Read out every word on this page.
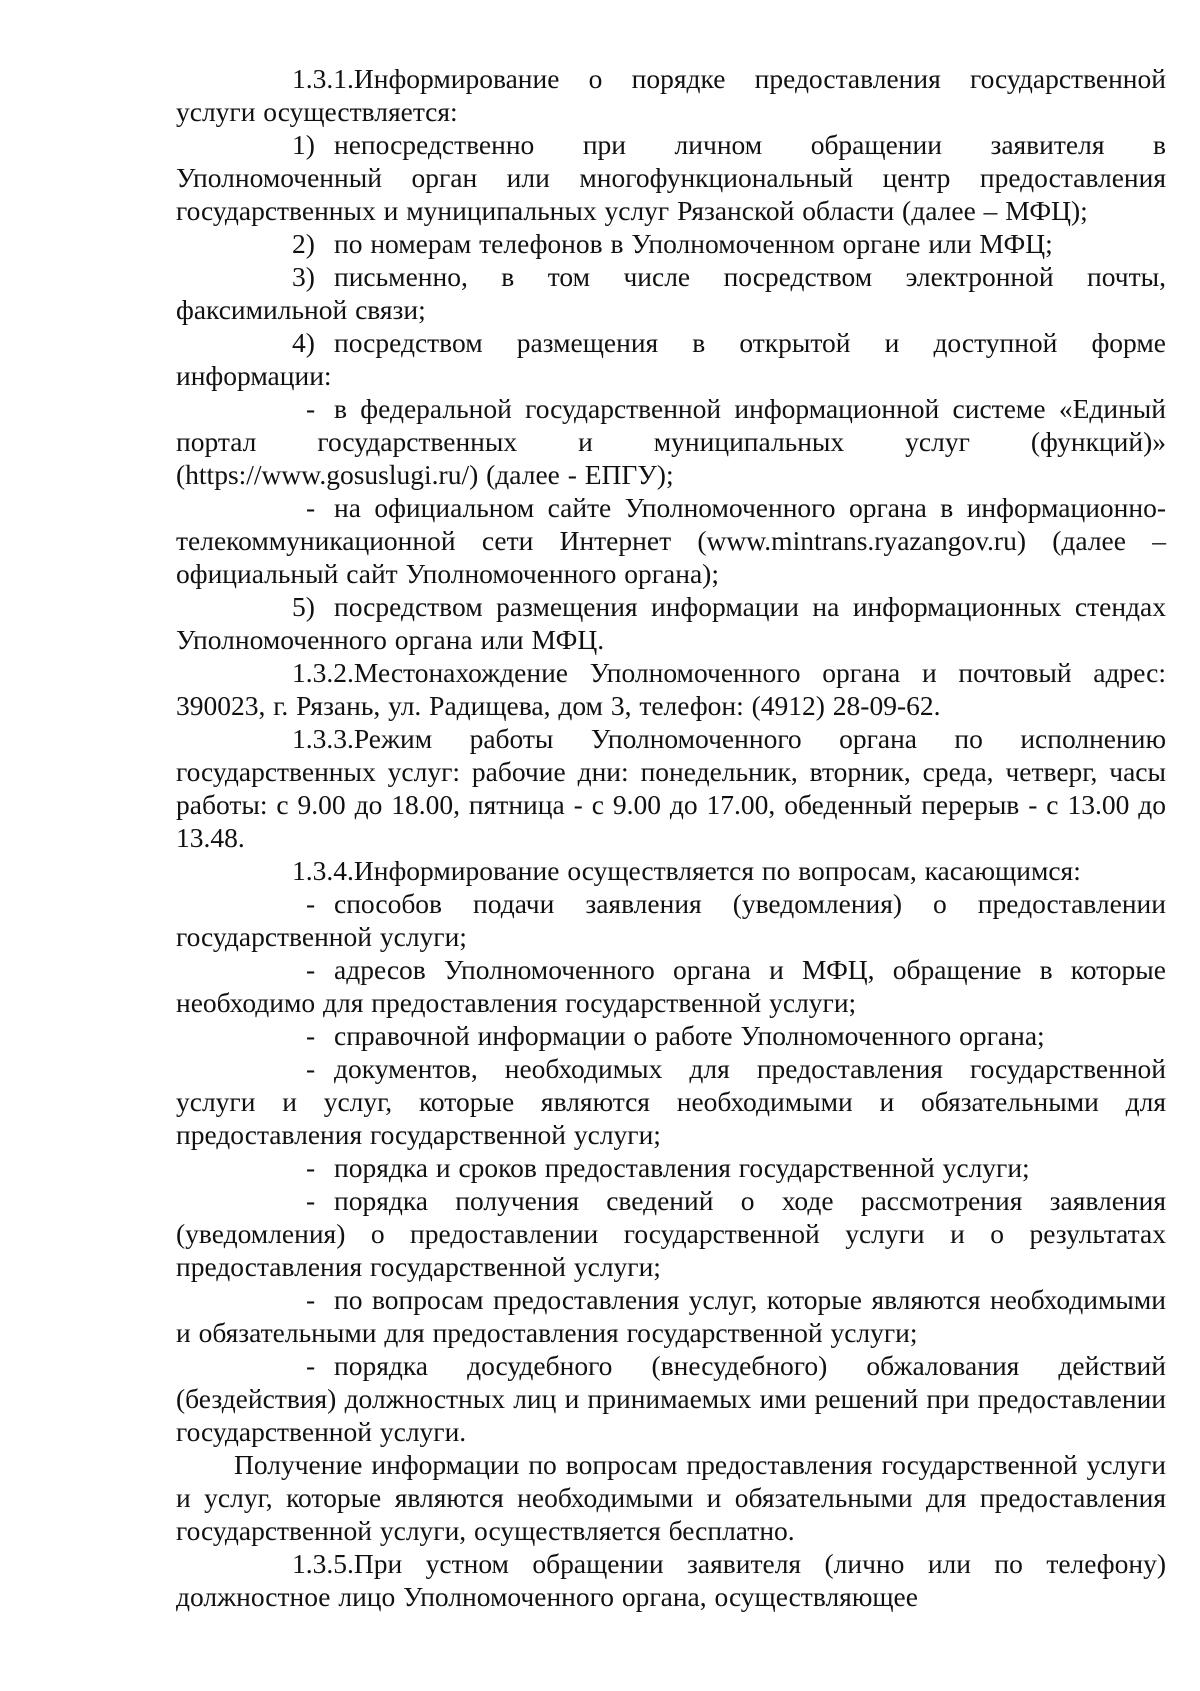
1.3.1.Информирование о порядке предоставления государственной услуги осуществляется:

1) непосредственно при личном обращении заявителя в Уполномоченный орган или многофункциональный центр предоставления государственных и муниципальных услуг Рязанской области (далее – МФЦ);

2) по номерам телефонов в Уполномоченном органе или МФЦ;

3) письменно, в том числе посредством электронной почты, факсимильной связи;

4) посредством размещения в открытой и доступной форме информации:

- в федеральной государственной информационной системе «Единый портал государственных и муниципальных услуг (функций)» (https://www.gosuslugi.ru/) (далее - ЕПГУ);

- на официальном сайте Уполномоченного органа в информационно-телекоммуникационной сети Интернет (www.mintrans.ryazangov.ru) (далее – официальный сайт Уполномоченного органа);

5) посредством размещения информации на информационных стендах Уполномоченного органа или МФЦ.

1.3.2.Местонахождение Уполномоченного органа и почтовый адрес: 390023, г. Рязань, ул. Радищева, дом 3, телефон: (4912) 28-09-62.

1.3.3.Режим работы Уполномоченного органа по исполнению государственных услуг: рабочие дни: понедельник, вторник, среда, четверг, часы работы: с 9.00 до 18.00, пятница - с 9.00 до 17.00, обеденный перерыв - с 13.00 до 13.48.

1.3.4.Информирование осуществляется по вопросам, касающимся:

- способов подачи заявления (уведомления) о предоставлении государственной услуги;

- адресов Уполномоченного органа и МФЦ, обращение в которые необходимо для предоставления государственной услуги;

- справочной информации о работе Уполномоченного органа;

- документов, необходимых для предоставления государственной услуги и услуг, которые являются необходимыми и обязательными для предоставления государственной услуги;

- порядка и сроков предоставления государственной услуги;

- порядка получения сведений о ходе рассмотрения заявления (уведомления) о предоставлении государственной услуги и о результатах предоставления государственной услуги;

- по вопросам предоставления услуг, которые являются необходимыми и обязательными для предоставления государственной услуги;

- порядка досудебного (внесудебного) обжалования действий (бездействия) должностных лиц и принимаемых ими решений при предоставлении государственной услуги.

Получение информации по вопросам предоставления государственной услуги и услуг, которые являются необходимыми и обязательными для предоставления государственной услуги, осуществляется бесплатно.

1.3.5.При устном обращении заявителя (лично или по телефону) должностное лицо Уполномоченного органа, осуществляющее
